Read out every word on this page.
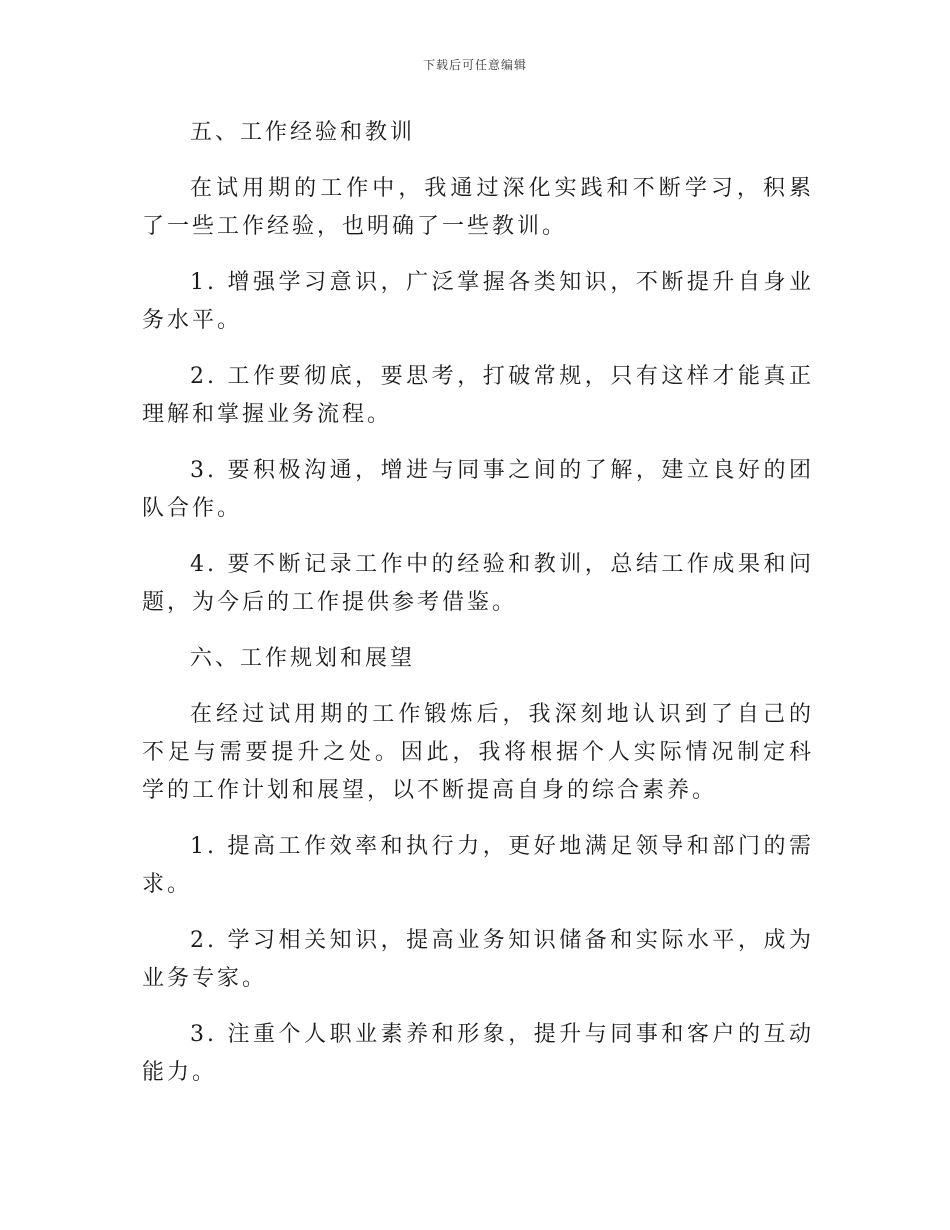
下载后可任意编辑

五、工作经验和教训

在试用期的工作中，我通过深化实践和不断学习，积累了一些工作经验，也明确了一些教训。

1. 增强学习意识，广泛掌握各类知识，不断提升自身业务水平。

2. 工作要彻底，要思考，打破常规，只有这样才能真正理解和掌握业务流程。

3. 要积极沟通，增进与同事之间的了解，建立良好的团队合作。

4. 要不断记录工作中的经验和教训，总结工作成果和问题，为今后的工作提供参考借鉴。

六、工作规划和展望

在经过试用期的工作锻炼后，我深刻地认识到了自己的不足与需要提升之处。因此，我将根据个人实际情况制定科学的工作计划和展望，以不断提高自身的综合素养。

1. 提高工作效率和执行力，更好地满足领导和部门的需求。

2. 学习相关知识，提高业务知识储备和实际水平，成为业务专家。

3. 注重个人职业素养和形象，提升与同事和客户的互动能力。
